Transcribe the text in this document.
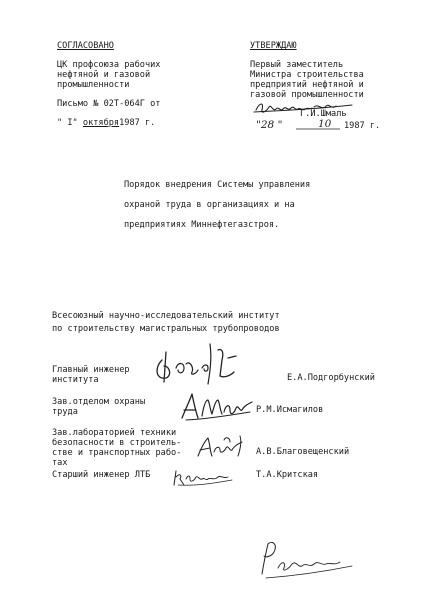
СОГЛАСОВАНО
ЦК профсоюза рабочих
нефтяной и газовой
промышленности
Письмо № 02Т-064Г от
" I" октября1987 г.
УТВЕРЖДАЮ
Первый заместитель
Министра строительства
предприятий нефтяной и
газовой промышленности
Г.И.Шмаль
"28 "	10 1987 г.
Порядок внедрения Системы управления
охраной труда в организациях и на
предприятиях Миннефтегазстроя.
Всесоюзный научно-исследовательский институт
по строительству магистральных трубопроводов
Главный инженер
института	Е.А.Подгорбунский
Зав.отделом охраны
труда	Р.М.Исмагилов
Зав.лабораторией техники
безопасности в строитель-
стве и транспортных рабо-
тах
А.В.Благовещенский
Старший инженер ЛТБ	Т.А.Критская
